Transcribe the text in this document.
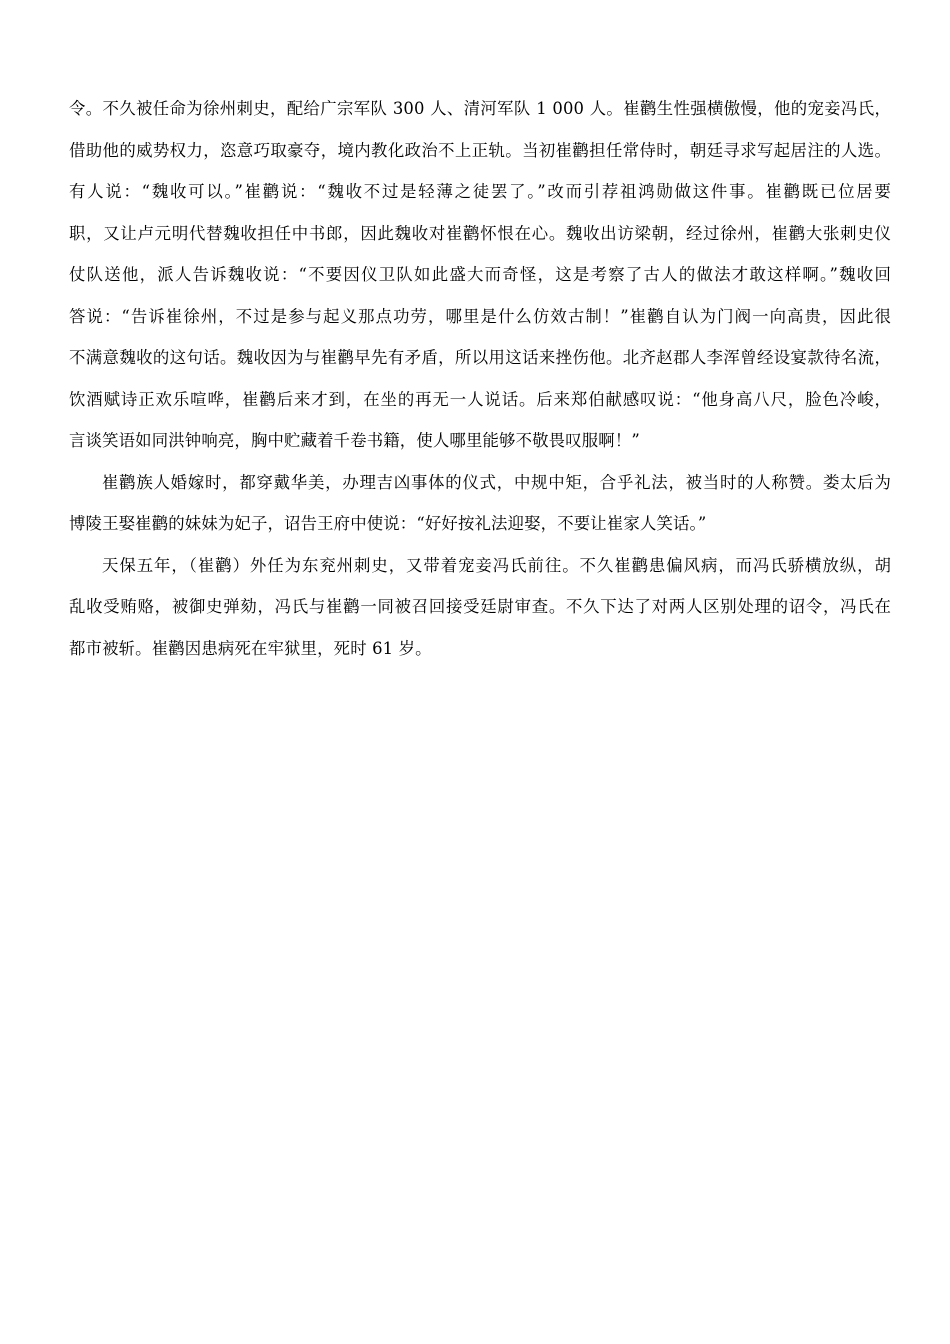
令。不久被任命为徐州刺史，配给广宗军队 300 人、清河军队 1 000 人。崔鹳生性强横傲慢，他的宠妾冯氏，
借助他的威势权力，恣意巧取豪夺，境内教化政治不上正轨。当初崔鹳担任常侍时，朝廷寻求写起居注的人选。
有人说：“魏收可以。”崔鹳说：“魏收不过是轻薄之徒罢了。”改而引荐祖鸿勋做这件事。崔鹳既已位居要
职，又让卢元明代替魏收担任中书郎，因此魏收对崔鹳怀恨在心。魏收出访梁朝，经过徐州，崔鹳大张刺史仪
仗队送他，派人告诉魏收说：“不要因仪卫队如此盛大而奇怪，这是考察了古人的做法才敢这样啊。”魏收回
答说：“告诉崔徐州，不过是参与起义那点功劳，哪里是什么仿效古制！”崔鹳自认为门阀一向高贵，因此很
不满意魏收的这句话。魏收因为与崔鹳早先有矛盾，所以用这话来挫伤他。北齐赵郡人李浑曾经设宴款待名流，
饮酒赋诗正欢乐喧哗，崔鹳后来才到，在坐的再无一人说话。后来郑伯献感叹说：“他身高八尺，脸色冷峻，
言谈笑语如同洪钟响亮，胸中贮藏着千卷书籍，使人哪里能够不敬畏叹服啊！”
崔鹳族人婚嫁时，都穿戴华美，办理吉凶事体的仪式，中规中矩，合乎礼法，被当时的人称赞。娄太后为
博陵王娶崔鹳的妹妹为妃子，诏告王府中使说：“好好按礼法迎娶，不要让崔家人笑话。”
天保五年，（崔鹳）外任为东兖州刺史，又带着宠妾冯氏前往。不久崔鹳患偏风病，而冯氏骄横放纵，胡
乱收受贿赂，被御史弹劾，冯氏与崔鹳一同被召回接受廷尉审查。不久下达了对两人区别处理的诏令，冯氏在
都市被斩。崔鹳因患病死在牢狱里，死时 61 岁。
